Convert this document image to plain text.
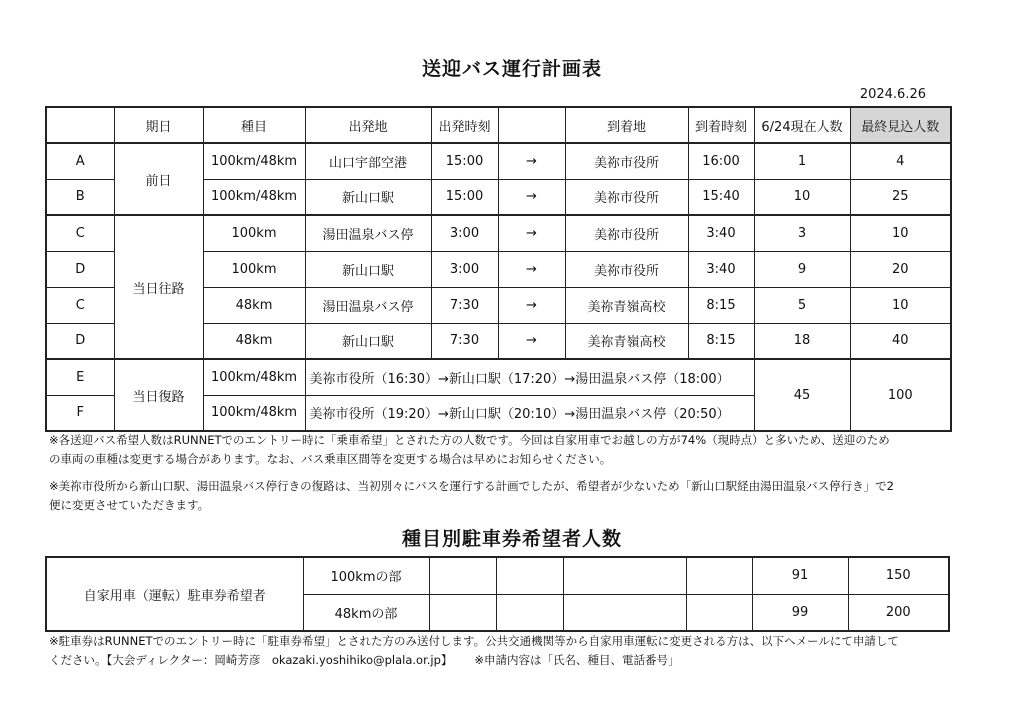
送迎バス運行計画表
2024.6.26
	期日	種目	出発地	出発時刻		到着地	到着時刻	6/24現在人数	最終見込人数
A	前日	100km/48km	山口宇部空港	15:00	→	美祢市役所	16:00	1	4
B		100km/48km	新山口駅	15:00	→	美祢市役所	15:40	10	25
C	当日往路	100km	湯田温泉バス停	3:00	→	美祢市役所	3:40	3	10
D		100km	新山口駅	3:00	→	美祢市役所	3:40	9	20
C		48km	湯田温泉バス停	7:30	→	美祢青嶺高校	8:15	5	10
D		48km	新山口駅	7:30	→	美祢青嶺高校	8:15	18	40
E	当日復路	100km/48km	美祢市役所（16:30）→新山口駅（17:20）→湯田温泉バス停（18:00）					45	100
F		100km/48km	美祢市役所（19:20）→新山口駅（20:10）→湯田温泉バス停（20:50）						
※各送迎バス希望人数はRUNNETでのエントリー時に「乗車希望」とされた方の人数です。今回は自家用車でお越しの方が74%（現時点）と多いため、送迎のため
の車両の車種は変更する場合があります。なお、バス乗車区間等を変更する場合は早めにお知らせください。
※美祢市役所から新山口駅、湯田温泉バス停行きの復路は、当初別々にバスを運行する計画でしたが、希望者が少ないため「新山口駅経由湯田温泉バス停行き」で2
便に変更させていただきます。
種目別駐車券希望者人数
自家用車（運転）駐車券希望者	100kmの部					91	150
	48kmの部					99	200
※駐車券はRUNNETでのエントリー時に「駐車券希望」とされた方のみ送付します。公共交通機関等から自家用車運転に変更される方は、以下へメールにて申請して
ください。【大会ディレクター：岡崎芳彦　okazaki.yoshihiko@plala.or.jp】 ※申請内容は「氏名、種目、電話番号」
